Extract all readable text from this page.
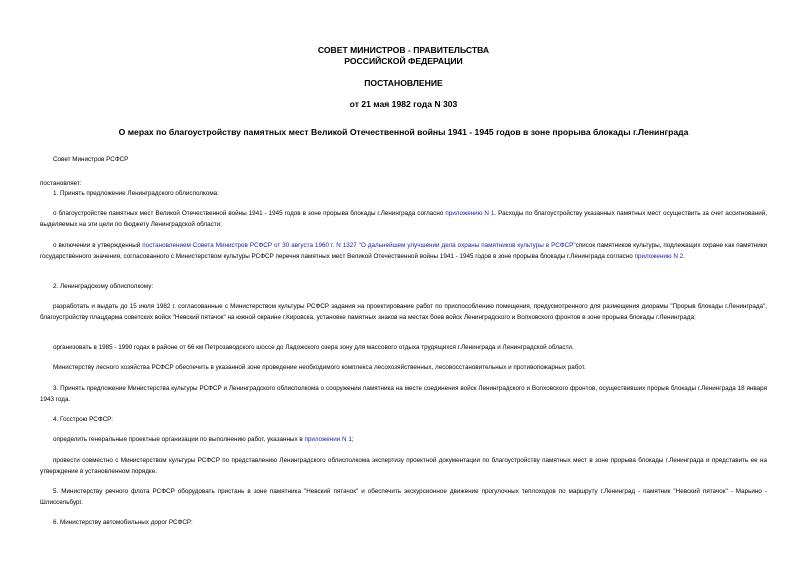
СОВЕТ МИНИСТРОВ - ПРАВИТЕЛЬСТВА
РОССИЙСКОЙ ФЕДЕРАЦИИ
ПОСТАНОВЛЕНИЕ
от 21 мая 1982 года N 303
О мерах по благоустройству памятных мест Великой Отечественной войны 1941 - 1945 годов в зоне прорыва блокады г.Ленинграда
Совет Министров РСФСР
постановляет:
1. Принять предложение Ленинградского облисполкома:
о благоустройстве памятных мест Великой Отечественной войны 1941 - 1945 годов в зоне прорыва блокады г.Ленинграда согласно приложению N 1. Расходы по благоустройству указанных памятных мест осуществить за счет ассигнований, выделяемых на эти цели по бюджету Ленинградской области;
о включении в утвержденный постановлением Совета Министров РСФСР от 30 августа 1960 г. N 1327 "О дальнейшем улучшении дела охраны памятников культуры в РСФСР"список памятников культуры, подлежащих охране как памятники государственного значения, согласованного с Министерством культуры РСФСР перечня памятных мест Великой Отечественной войны 1941 - 1945 годов в зоне прорыва блокады г.Ленинграда согласно приложению N 2.
2. Ленинградскому облисполкому:
разработать и выдать до 15 июля 1982 г. согласованные с Министерством культуры РСФСР задания на проектирование работ по приспособлению помещения, предусмотренного для размещения диорамы "Прорыв блокады г.Ленинграда", благоустройству плацдарма советских войск "Невский пятачок" на южной окраине г.Кировска, установке памятных знаков на местах боев войск Ленинградского и Волховского фронтов в зоне прорыва блокады г.Ленинграда;
организовать в 1985 - 1990 годах в районе от 66 км Петрозаводского шоссе до Ладожского озера зону для массового отдыха трудящихся г.Ленинграда и Ленинградской области.
Министерству лесного хозяйства РСФСР обеспечить в указанной зоне проведение необходимого комплекса лесохозяйственных, лесовосстановительных и противопожарных работ.
3. Принять предложение Министерства культуры РСФСР и Ленинградского облисполкома о сооружении памятника на месте соединения войск Ленинградского и Волховского фронтов, осуществивших прорыв блокады г.Ленинграда 18 января 1943 года.
4. Госстрою РСФСР:
определить генеральные проектные организации по выполнению работ, указанных в приложении N 1;
провести совместно с Министерством культуры РСФСР по представлению Ленинградского облисполкома экспертизу проектной документации по благоустройству памятных мест в зоне прорыва блокады г.Ленинграда и представить ее на утверждение в установленном порядке.
5. Министерству речного флота РСФСР оборудовать пристань в зоне памятника "Невский пятачок" и обеспечить экскурсионное движение прогулочных теплоходов по маршруту г.Ленинград - памятник "Невский пятачок" - Марьино - Шлиссельбург.
6. Министерству автомобильных дорог РСФСР:
